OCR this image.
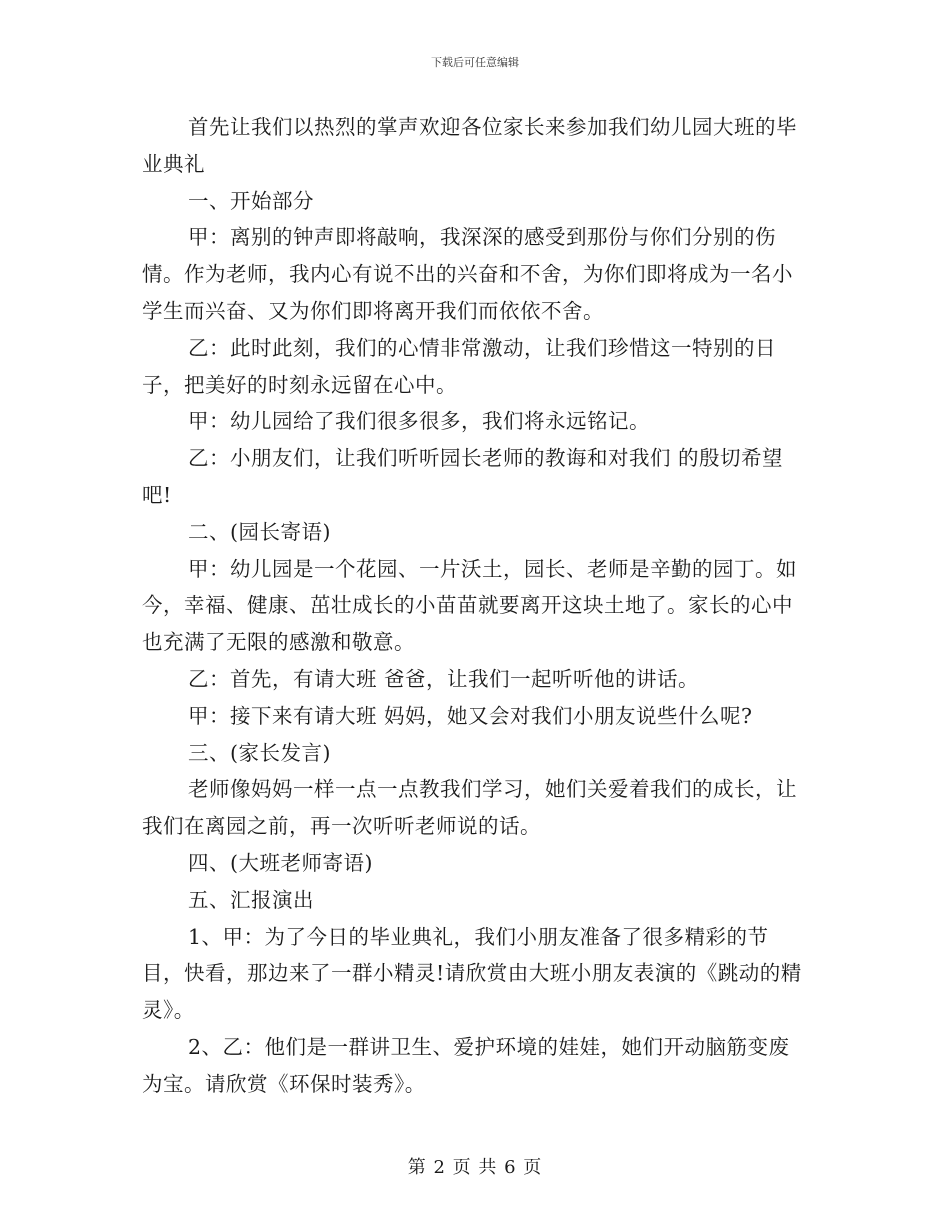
下载后可任意编辑

首先让我们以热烈的掌声欢迎各位家长来参加我们幼儿园大班的毕业典礼

一、开始部分

甲：离别的钟声即将敲响，我深深的感受到那份与你们分别的伤情。作为老师，我内心有说不出的兴奋和不舍，为你们即将成为一名小学生而兴奋、又为你们即将离开我们而依依不舍。

乙：此时此刻，我们的心情非常激动，让我们珍惜这一特别的日子，把美好的时刻永远留在心中。

甲：幼儿园给了我们很多很多，我们将永远铭记。

乙：小朋友们，让我们听听园长老师的教诲和对我们 的殷切希望吧!

二、(园长寄语)

甲：幼儿园是一个花园、一片沃土，园长、老师是辛勤的园丁。如今，幸福、健康、茁壮成长的小苗苗就要离开这块土地了。家长的心中也充满了无限的感激和敬意。

乙：首先，有请大班 爸爸，让我们一起听听他的讲话。

甲：接下来有请大班 妈妈，她又会对我们小朋友说些什么呢?

三、(家长发言)

老师像妈妈一样一点一点教我们学习，她们关爱着我们的成长，让我们在离园之前，再一次听听老师说的话。

四、(大班老师寄语)

五、汇报演出

1、甲：为了今日的毕业典礼，我们小朋友准备了很多精彩的节目，快看，那边来了一群小精灵!请欣赏由大班小朋友表演的《跳动的精灵》。

2、乙：他们是一群讲卫生、爱护环境的娃娃，她们开动脑筋变废为宝。请欣赏《环保时装秀》。

第 2 页 共 6 页
